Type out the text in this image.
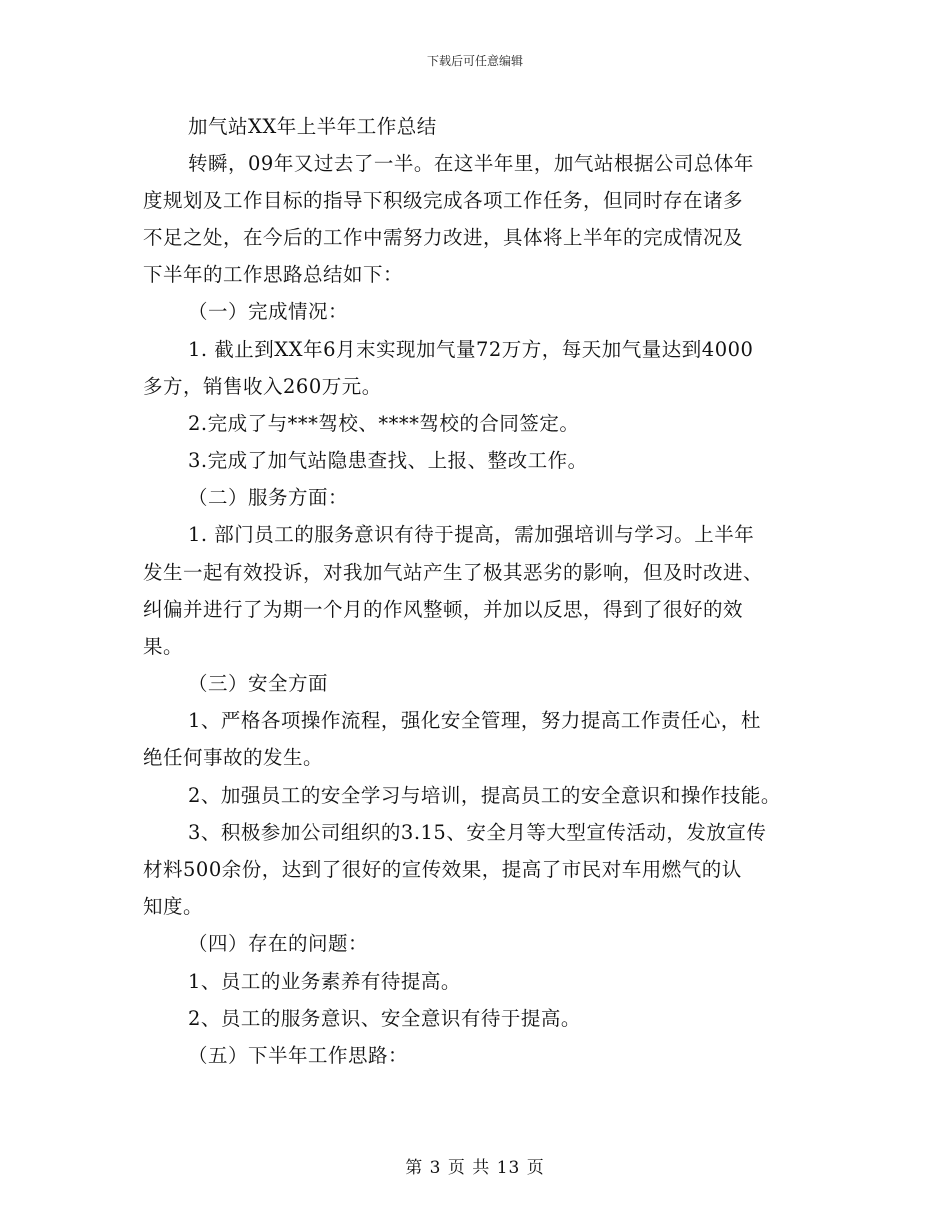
下载后可任意编辑
加气站XX年上半年工作总结
转瞬，09年又过去了一半。在这半年里，加气站根据公司总体年
度规划及工作目标的指导下积级完成各项工作任务，但同时存在诸多
不足之处，在今后的工作中需努力改进，具体将上半年的完成情况及
下半年的工作思路总结如下：
（一）完成情况：
1. 截止到XX年6月末实现加气量72万方，每天加气量达到4000
多方，销售收入260万元。
2.完成了与***驾校、****驾校的合同签定。
3.完成了加气站隐患查找、上报、整改工作。
（二）服务方面：
1. 部门员工的服务意识有待于提高，需加强培训与学习。上半年
发生一起有效投诉，对我加气站产生了极其恶劣的影响，但及时改进、
纠偏并进行了为期一个月的作风整顿，并加以反思，得到了很好的效
果。
（三）安全方面
1、严格各项操作流程，强化安全管理，努力提高工作责任心，杜
绝任何事故的发生。
2、加强员工的安全学习与培训，提高员工的安全意识和操作技能。
3、积极参加公司组织的3.15、安全月等大型宣传活动，发放宣传
材料500余份，达到了很好的宣传效果，提高了市民对车用燃气的认
知度。
（四）存在的问题：
1、员工的业务素养有待提高。
2、员工的服务意识、安全意识有待于提高。
（五）下半年工作思路：
第 3 页 共 13 页
